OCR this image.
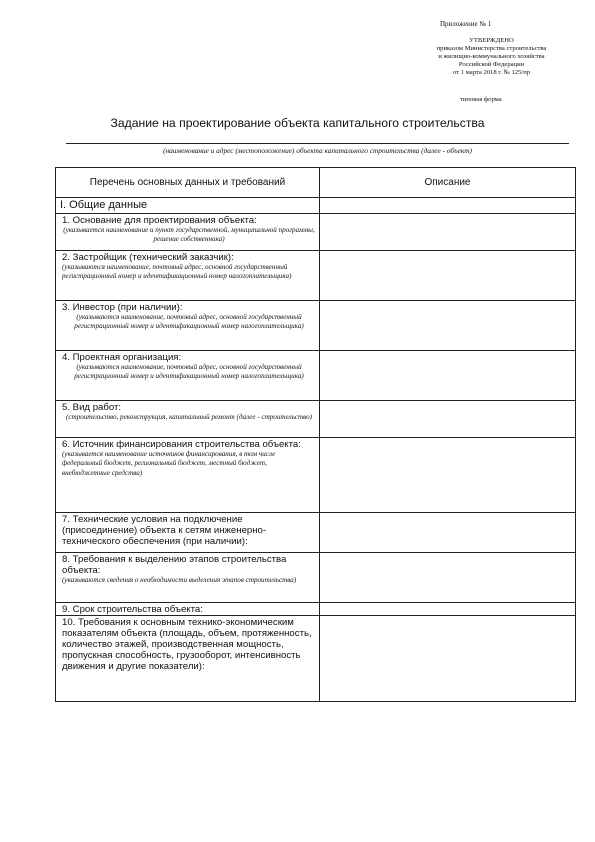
Приложение № 1
УТВЕРЖДЕНО
приказом Министерства строительства
и жилищно-коммунального хозяйства
Российской Федерации
от 1 марта 2018 г. № 125/пр
типовая форма
Задание на проектирование объекта капитального строительства
(наименование и адрес (местоположение) объекта капитального строительства (далее - объект)
Перечень основных данных и требований	Описание

I. Общие данные	

1. Основание для проектирования объекта:
(указывается наименование и пункт государственной, муниципальной программы, решение собственника)	

2. Застройщик (технический заказчик):
(указываются наименование, почтовый адрес, основной государственный регистрационный номер и идентификационный номер налогоплательщика)	

3. Инвестор (при наличии):
(указываются наименование, почтовый адрес, основной государственный регистрационный номер и идентификационный номер налогоплательщика)	

4. Проектная организация:
(указываются наименование, почтовый адрес, основной государственный регистрационный номер и идентификационный номер налогоплательщика)	

5. Вид работ:
(строительство, реконструкция, капитальный ремонт (далее - строительство)	

6. Источник финансирования строительства объекта:
(указывается наименование источников финансирования, в том числе федеральный бюджет, региональный бюджет, местный бюджет, внебюджетные средства)	

7. Технические условия на подключение (присоединение) объекта к сетям инженерно-технического обеспечения (при наличии):	

8. Требования к выделению этапов строительства объекта:
(указываются сведения о необходимости выделения этапов строительства)	

9. Срок строительства объекта:	

10. Требования к основным технико-экономическим показателям объекта (площадь, объем, протяженность, количество этажей, производственная мощность, пропускная способность, грузооборот, интенсивность движения и другие показатели):	
